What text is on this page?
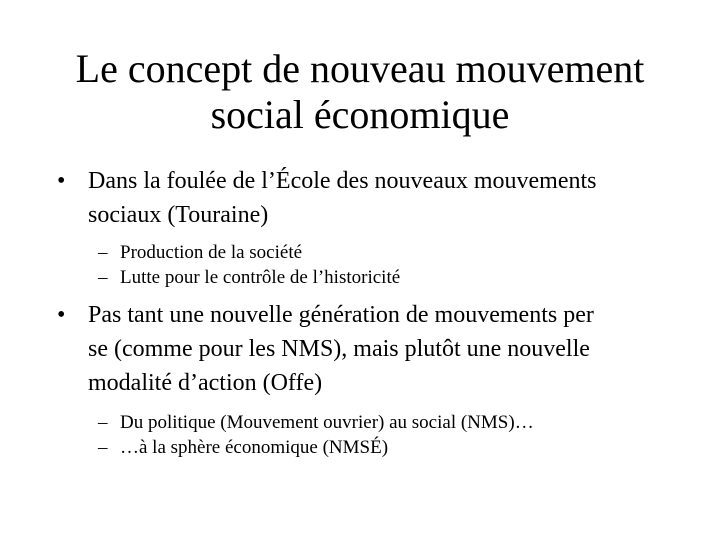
Le concept de nouveau mouvement
social économique
• Dans la foulée de l’École des nouveaux mouvements
sociaux (Touraine)
– Production de la société
– Lutte pour le contrôle de l’historicité
• Pas tant une nouvelle génération de mouvements per
se (comme pour les NMS), mais plutôt une nouvelle
modalité d’action (Offe)
– Du politique (Mouvement ouvrier) au social (NMS)…
– …à la sphère économique (NMSÉ)
